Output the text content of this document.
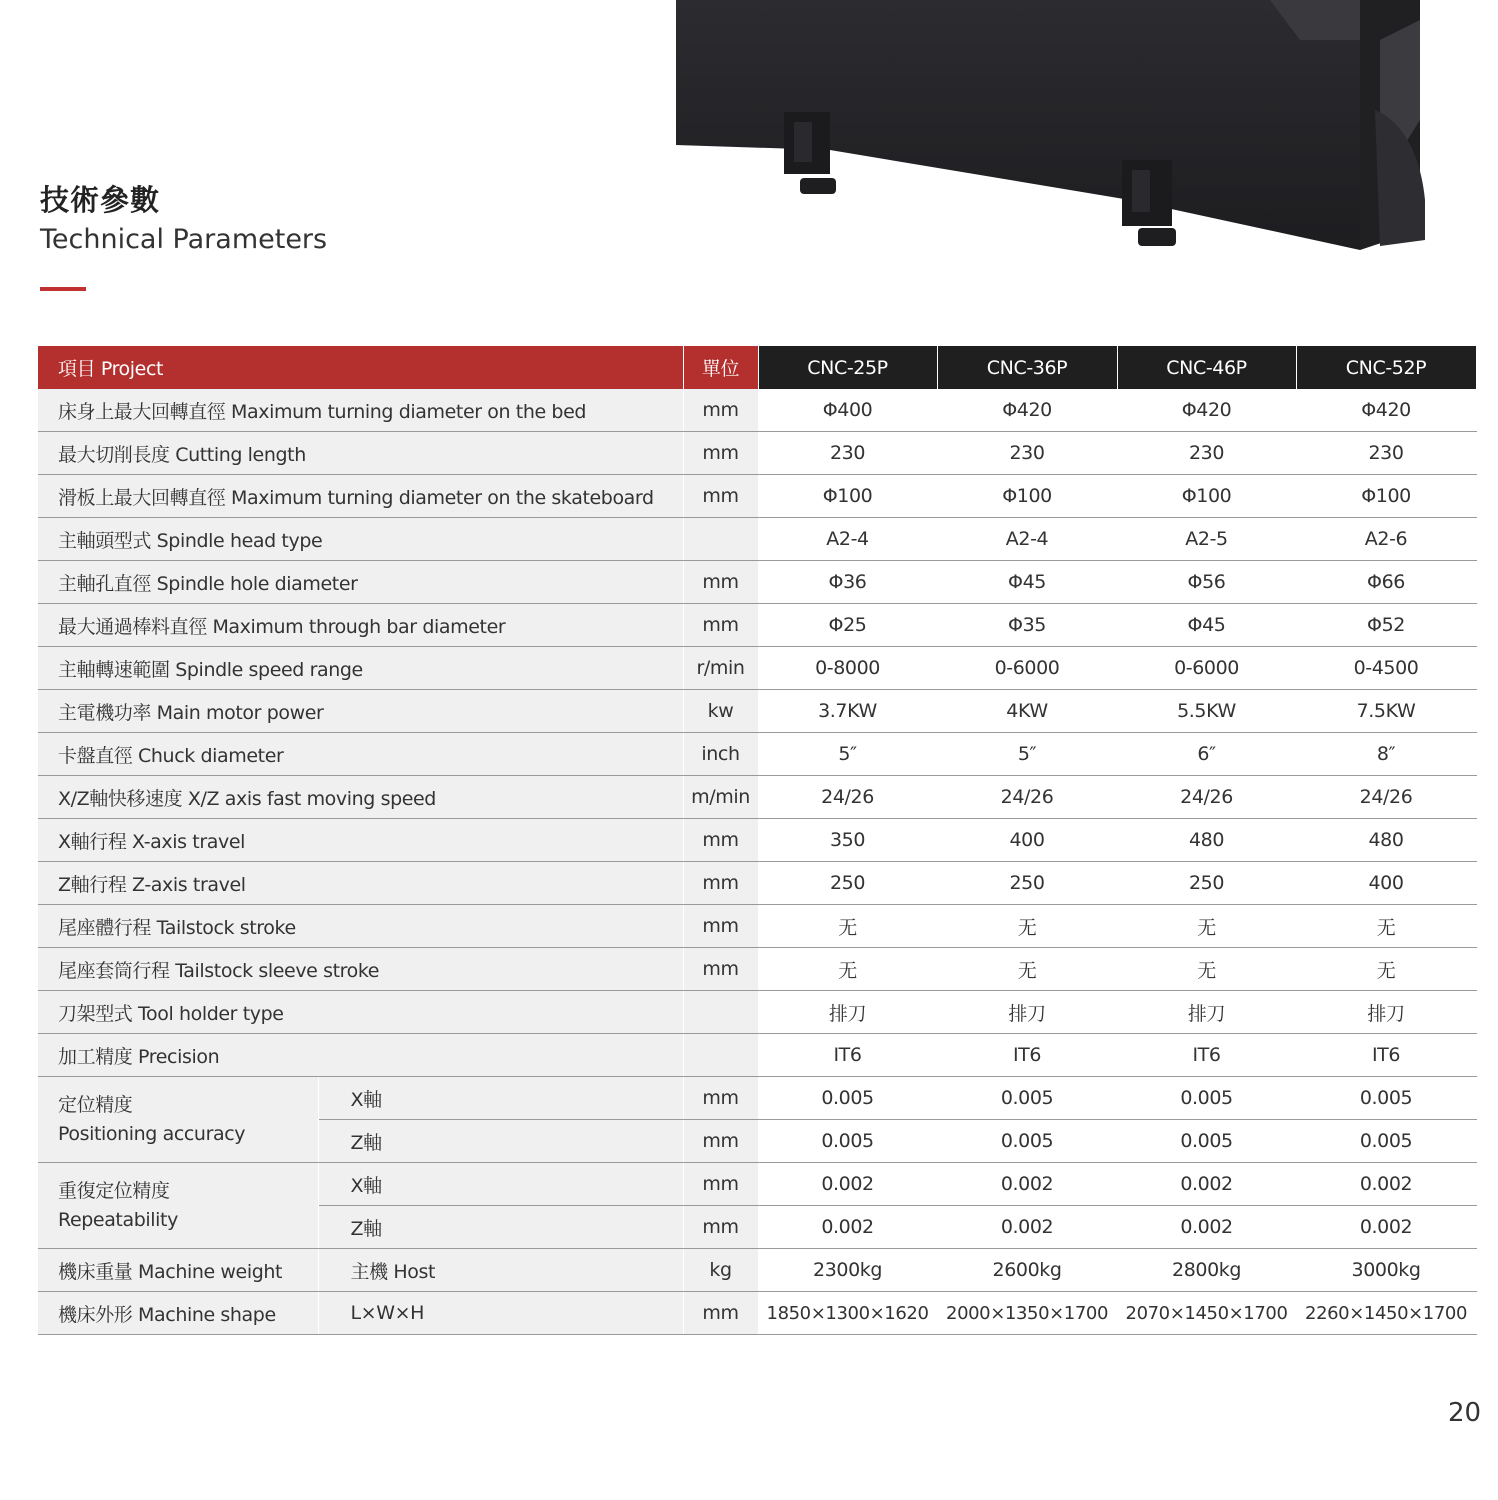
技術參數
Technical Parameters
項目 Project		單位	CNC-25P	CNC-36P	CNC-46P	CNC-52P
床身上最大回轉直徑 Maximum turning diameter on the bed		mm	Φ400	Φ420	Φ420	Φ420
最大切削長度 Cutting length		mm	230	230	230	230
滑板上最大回轉直徑 Maximum turning diameter on the skateboard		mm	Φ100	Φ100	Φ100	Φ100
主軸頭型式 Spindle head type			A2-4	A2-4	A2-5	A2-6
主軸孔直徑 Spindle hole diameter		mm	Φ36	Φ45	Φ56	Φ66
最大通過棒料直徑 Maximum through bar diameter		mm	Φ25	Φ35	Φ45	Φ52
主軸轉速範圍 Spindle speed range		r/min	0-8000	0-6000	0-6000	0-4500
主電機功率 Main motor power		kw	3.7KW	4KW	5.5KW	7.5KW
卡盤直徑 Chuck diameter		inch	5″	5″	6″	8″
X/Z軸快移速度 X/Z axis fast moving speed		m/min	24/26	24/26	24/26	24/26
X軸行程 X-axis travel		mm	350	400	480	480
Z軸行程 Z-axis travel		mm	250	250	250	400
尾座體行程 Tailstock stroke		mm	无	无	无	无
尾座套筒行程 Tailstock sleeve stroke		mm	无	无	无	无
刀架型式 Tool holder type			排刀	排刀	排刀	排刀
加工精度 Precision			IT6	IT6	IT6	IT6

定位精度
Positioning accuracy	X軸	mm	0.005	0.005	0.005	0.005
	Z軸	mm	0.005	0.005	0.005	0.005

重復定位精度
Repeatability	X軸	mm	0.002	0.002	0.002	0.002
	Z軸	mm	0.002	0.002	0.002	0.002
機床重量 Machine weight	主機 Host	kg	2300kg	2600kg	2800kg	3000kg
機床外形 Machine shape	L×W×H	mm	1850×1300×1620	2000×1350×1700	2070×1450×1700	2260×1450×1700
20
